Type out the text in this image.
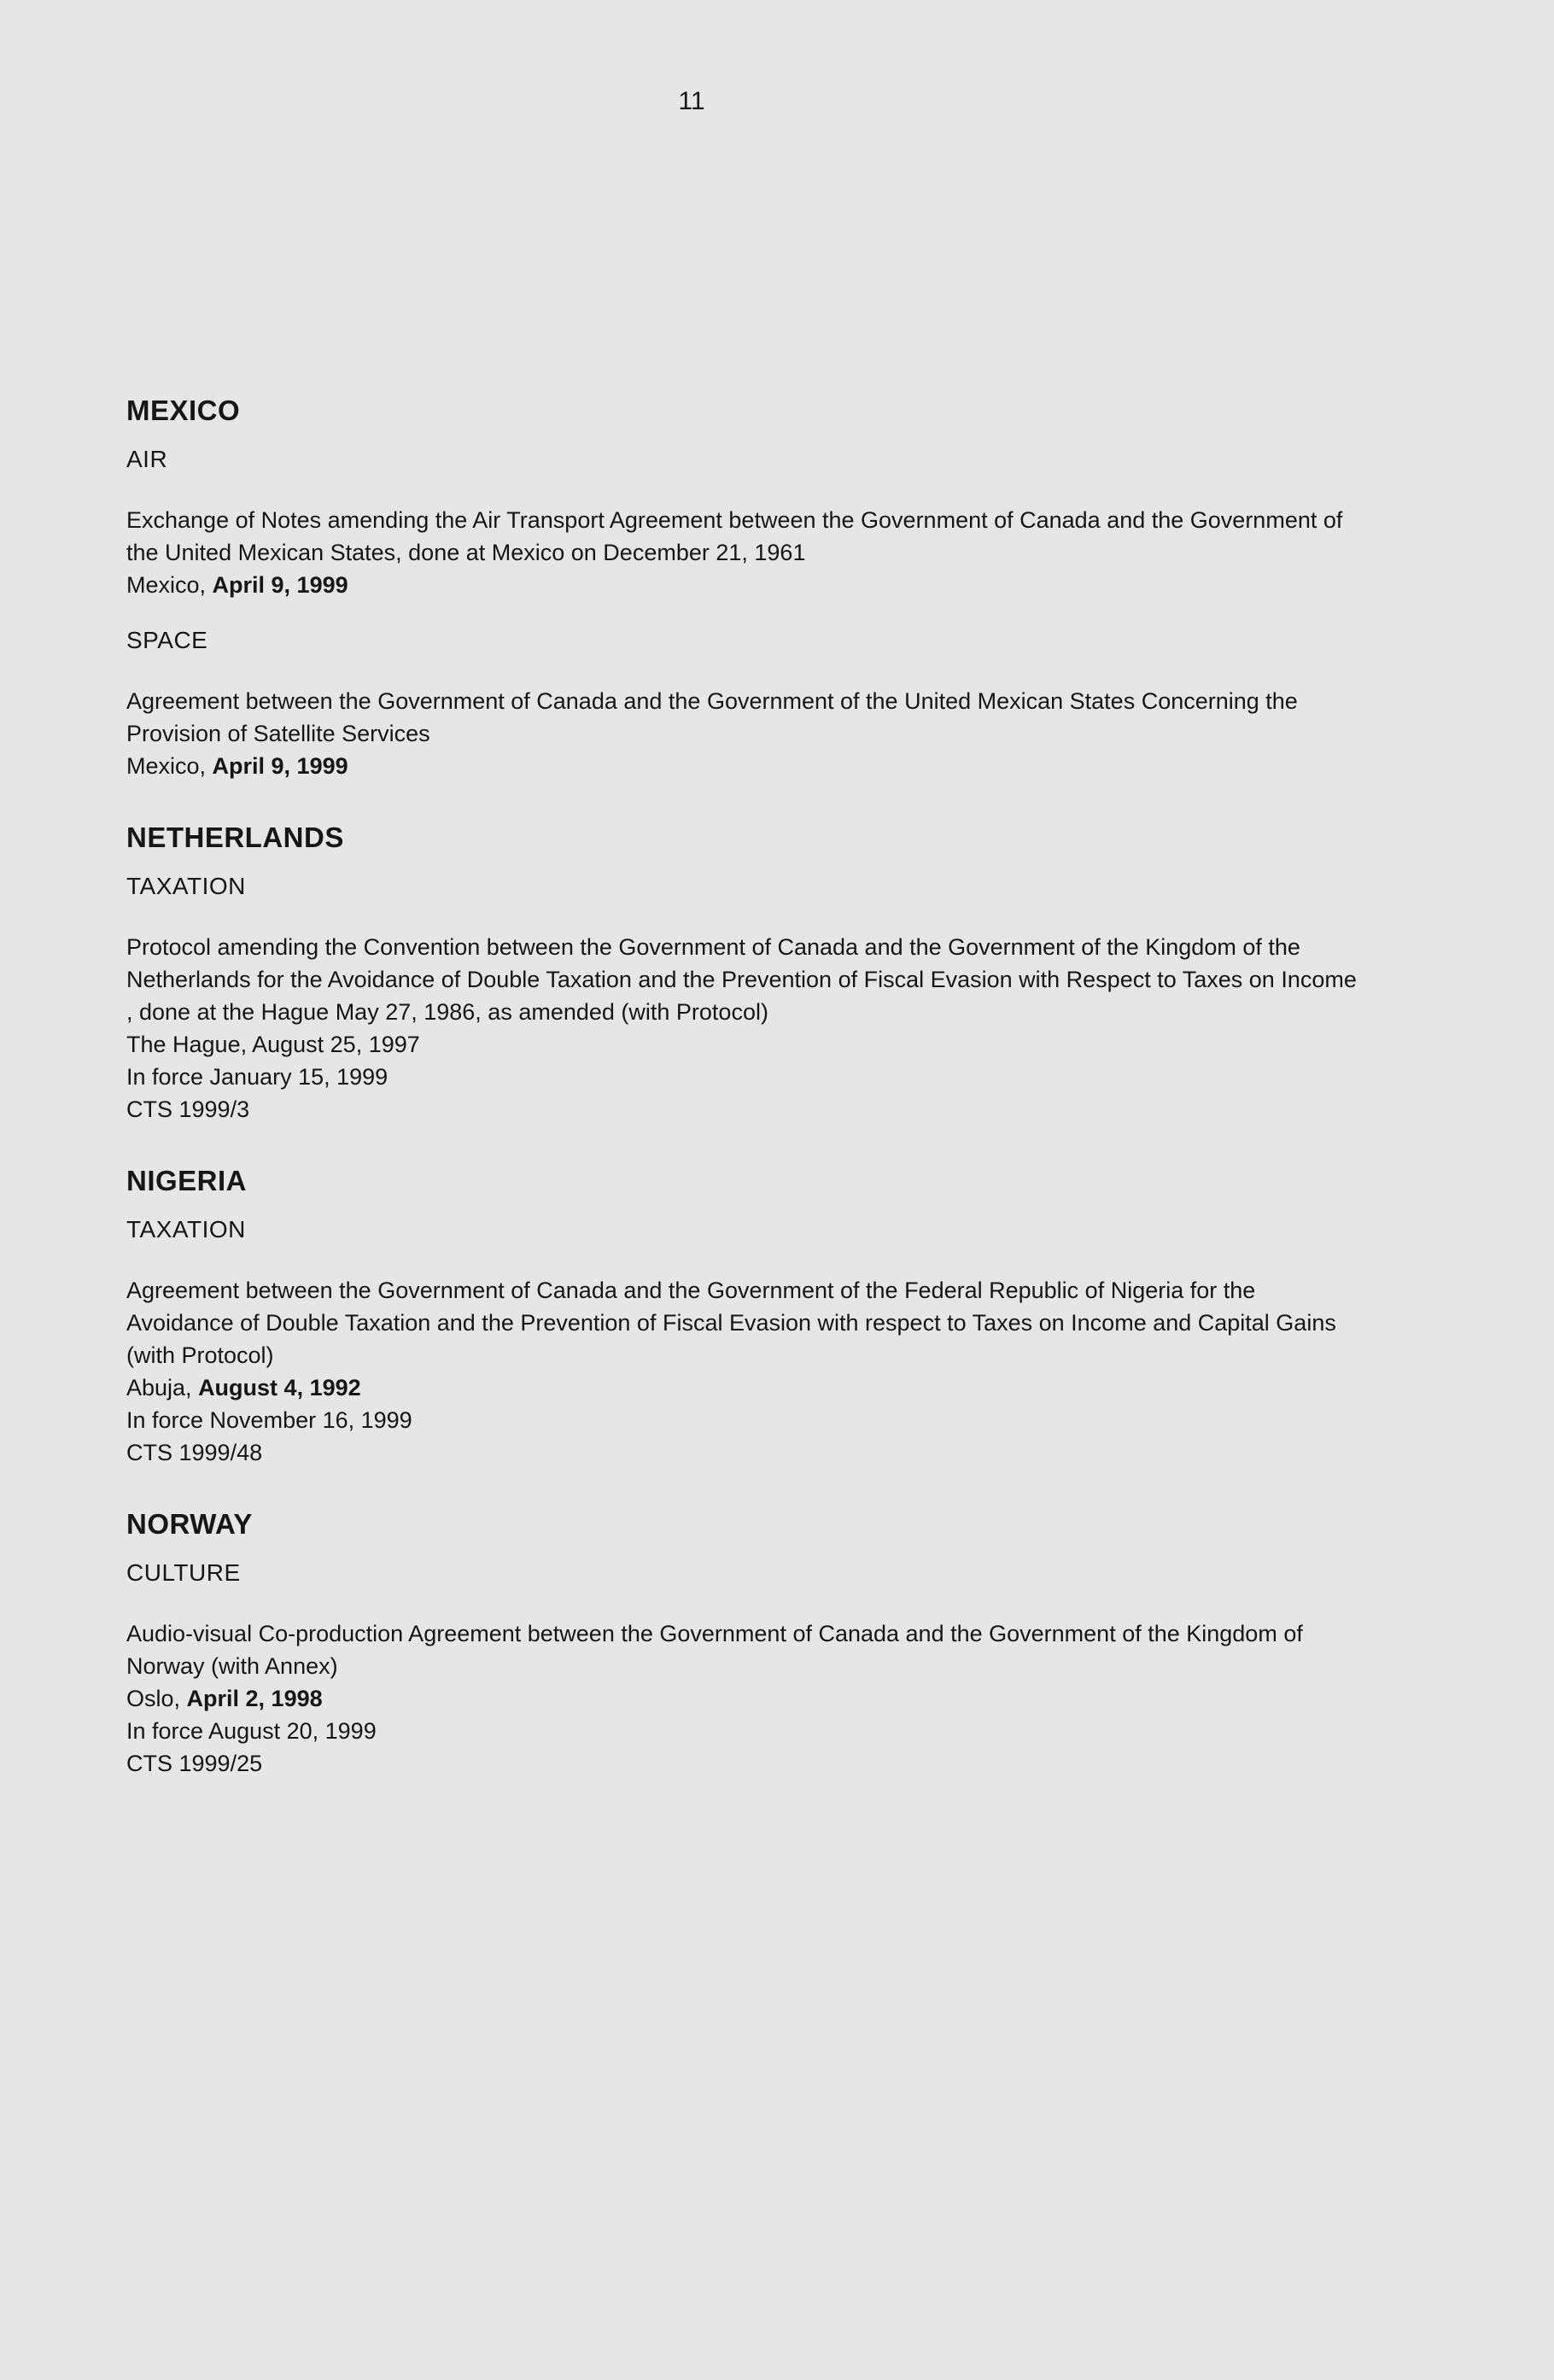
11
MEXICO
AIR

Exchange of Notes amending the Air Transport Agreement between the Government of Canada and the Government of the United Mexican States, done at Mexico on December 21, 1961

Mexico, April 9, 1999

SPACE

Agreement between the Government of Canada and the Government of the United Mexican States Concerning the Provision of Satellite Services

Mexico, April 9, 1999

NETHERLANDS
TAXATION

Protocol amending the Convention between the Government of Canada and the Government of the Kingdom of the Netherlands for the Avoidance of Double Taxation and the Prevention of Fiscal Evasion with Respect to Taxes on Income , done at the Hague May 27, 1986, as amended (with Protocol)

The Hague, August 25, 1997

In force January 15, 1999

CTS 1999/3

NIGERIA
TAXATION

Agreement between the Government of Canada and the Government of the Federal Republic of Nigeria for the Avoidance of Double Taxation and the Prevention of Fiscal Evasion with respect to Taxes on Income and Capital Gains (with Protocol)

Abuja, August 4, 1992

In force November 16, 1999

CTS 1999/48

NORWAY
CULTURE

Audio-visual Co-production Agreement between the Government of Canada and the Government of the Kingdom of Norway (with Annex)

Oslo, April 2, 1998

In force August 20, 1999

CTS 1999/25
